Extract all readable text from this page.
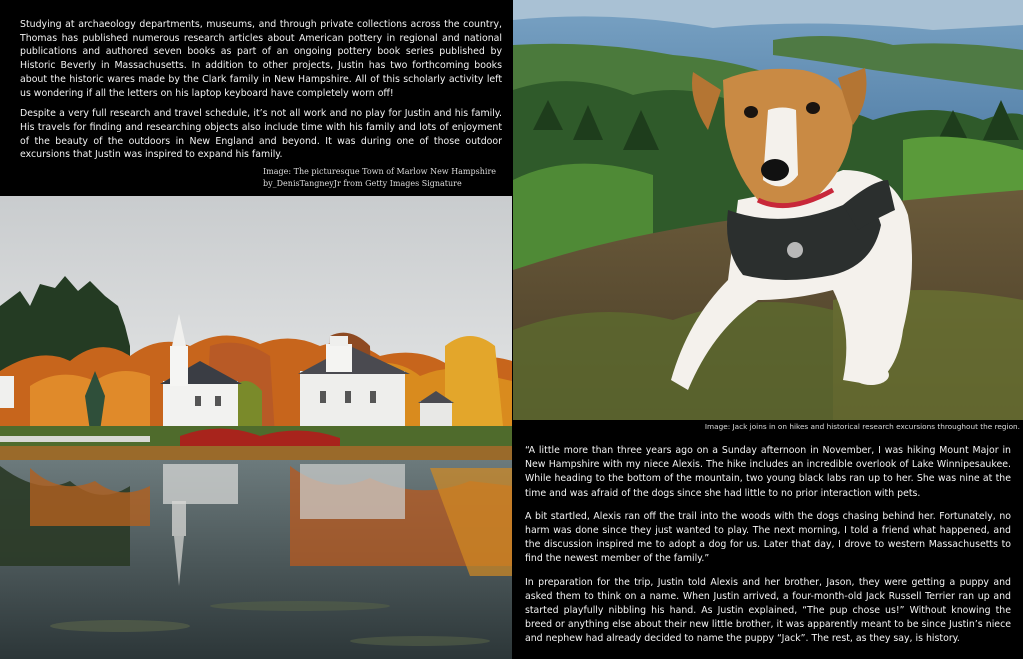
Studying at archaeology departments, museums, and through private collections across the country, Thomas has published numerous research articles about American pottery in regional and national publications and authored seven books as part of an ongoing pottery book series published by Historic Beverly in Massachusetts. In addition to other projects, Justin has two forthcoming books about the historic wares made by the Clark family in New Hampshire. All of this scholarly activity left us wondering if all the letters on his laptop keyboard have completely worn off!

Despite a very full research and travel schedule, it’s not all work and no play for Justin and his family. His travels for finding and researching objects also include time with his family and lots of enjoyment of the beauty of the outdoors in New England and beyond. It was during one of those outdoor excursions that Justin was inspired to expand his family.

Image: The picturesque Town of Marlow New Hampshire
by_DenisTangneyJr from Getty Images Signature
Image: Jack joins in on hikes and historical research excursions throughout the region.

“A little more than three years ago on a Sunday afternoon in November, I was hiking Mount Major in New Hampshire with my niece Alexis. The hike includes an incredible overlook of Lake Winnipesaukee. While heading to the bottom of the mountain, two young black labs ran up to her. She was nine at the time and was afraid of the dogs since she had little to no prior interaction with pets.

A bit startled, Alexis ran off the trail into the woods with the dogs chasing behind her. Fortunately, no harm was done since they just wanted to play. The next morning, I told a friend what happened, and the discussion inspired me to adopt a dog for us. Later that day, I drove to western Massachusetts to find the newest member of the family.”

In preparation for the trip, Justin told Alexis and her brother, Jason, they were getting a puppy and asked them to think on a name. When Justin arrived, a four-month-old Jack Russell Terrier ran up and started playfully nibbling his hand. As Justin explained, “The pup chose us!” Without knowing the breed or anything else about their new little brother, it was apparently meant to be since Justin’s niece and nephew had already decided to name the puppy “Jack”. The rest, as they say, is history.
